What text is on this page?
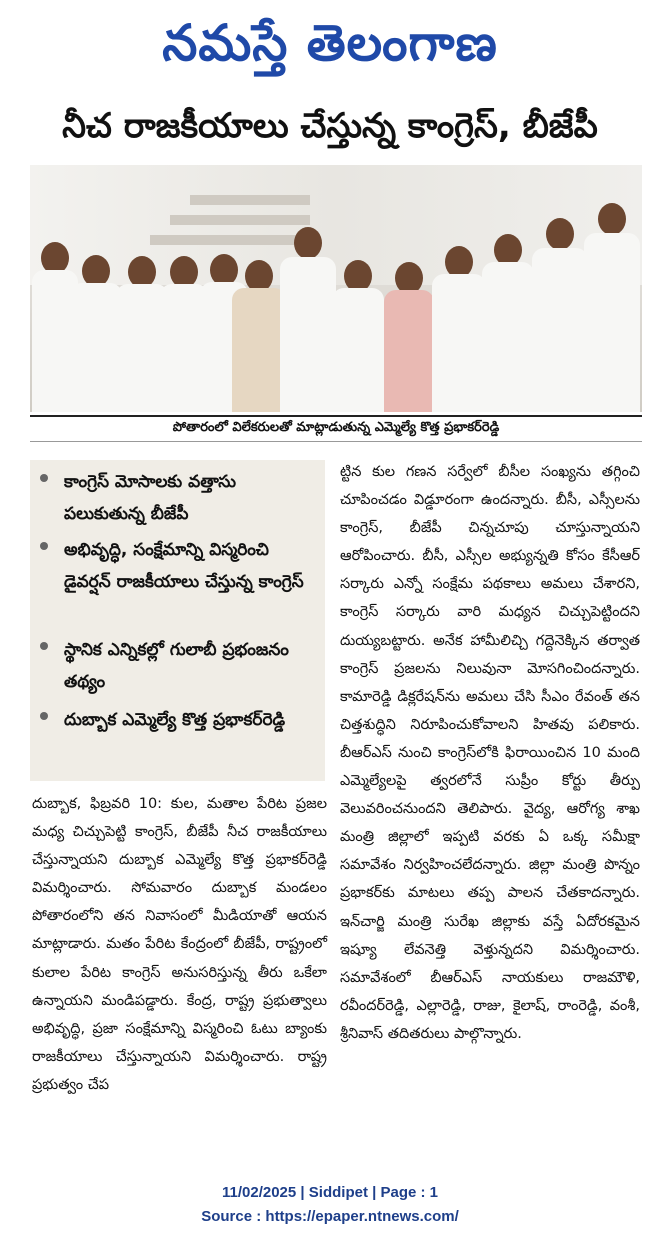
నమస్తే తెలంగాణ
నీచ రాజకీయాలు చేస్తున్న కాంగ్రెస్, బీజేపీ
పోతారంలో విలేకరులతో మాట్లాడుతున్న ఎమ్మెల్యే కొత్త ప్రభాకర్‌రెడ్డి
కాంగ్రెస్ మోసాలకు వత్తాసు పలుకుతున్న బీజేపీ
అభివృద్ధి, సంక్షేమాన్ని విస్మరించి డైవర్షన్ రాజకీయాలు చేస్తున్న కాంగ్రెస్
స్థానిక ఎన్నికల్లో గులాబీ ప్రభంజనం తథ్యం
దుబ్బాక ఎమ్మెల్యే కొత్త ప్రభాకర్‌రెడ్డి
దుబ్బాక, ఫిబ్రవరి 10: కుల, మతాల పేరిట ప్రజల మధ్య చిచ్చుపెట్టి కాంగ్రెస్, బీజేపీ నీచ రాజకీయాలు చేస్తున్నాయని దుబ్బాక ఎమ్మెల్యే కొత్త ప్రభాకర్‌రెడ్డి విమర్శించారు. సోమవారం దుబ్బాక మండలం పోతారంలోని తన నివాసంలో మీడియాతో ఆయన మాట్లాడారు. మతం పేరిట కేంద్రంలో బీజేపీ, రాష్ట్రంలో కులాల పేరిట కాంగ్రెస్ అనుసరిస్తున్న తీరు ఒకేలా ఉన్నాయని మండిపడ్డారు. కేంద్ర, రాష్ట్ర ప్రభుత్వాలు అభివృద్ధి, ప్రజా సంక్షేమాన్ని విస్మరించి ఓటు బ్యాంకు రాజకీయాలు చేస్తున్నాయని విమర్శించారు. రాష్ట్ర ప్రభుత్వం చేప
ట్టిన కుల గణన సర్వేలో బీసీల సంఖ్యను తగ్గించి చూపించడం విడ్డూరంగా ఉందన్నారు. బీసీ, ఎస్సీలను కాంగ్రెస్, బీజేపీ చిన్నచూపు చూస్తున్నాయని ఆరోపించారు. బీసీ, ఎస్సీల అభ్యున్నతి కోసం కేసీఆర్ సర్కారు ఎన్నో సంక్షేమ పథకాలు అమలు చేశారని, కాంగ్రెస్ సర్కారు వారి మధ్యన చిచ్చుపెట్టిందని దుయ్యబట్టారు. అనేక హామీలిచ్చి గద్దెనెక్కిన తర్వాత కాంగ్రెస్ ప్రజలను నిలువునా మోసగించిందన్నారు. కామారెడ్డి డిక్లరేషన్‌ను అమలు చేసి సీఎం రేవంత్ తన చిత్తశుద్ధిని నిరూపించుకోవాలని హితవు పలికారు. బీఆర్‌ఎస్ నుంచి కాంగ్రెస్‌లోకి ఫిరాయించిన 10 మంది ఎమ్మెల్యేలపై త్వరలోనే సుప్రీం కోర్టు తీర్పు వెలువరించనుందని తెలిపారు. వైద్య, ఆరోగ్య శాఖ మంత్రి జిల్లాలో ఇప్పటి వరకు ఏ ఒక్క సమీక్షా సమావేశం నిర్వహించలేదన్నారు. జిల్లా మంత్రి పొన్నం ప్రభాకర్‌కు మాటలు తప్ప పాలన చేతకాదన్నారు. ఇన్‌చార్జి మంత్రి సురేఖ జిల్లాకు వస్తే ఏదోరకమైన ఇష్యూ లేవనెత్తి వెళ్తున్నదని విమర్శించారు. సమావేశంలో బీఆర్‌ఎస్ నాయకులు రాజమౌళి, రవీందర్‌రెడ్డి, ఎల్లారెడ్డి, రాజు, కైలాష్, రాంరెడ్డి, వంశీ, శ్రీనివాస్ తదితరులు పాల్గొన్నారు.
11/02/2025 | Siddipet | Page : 1
Source : https://epaper.ntnews.com/
